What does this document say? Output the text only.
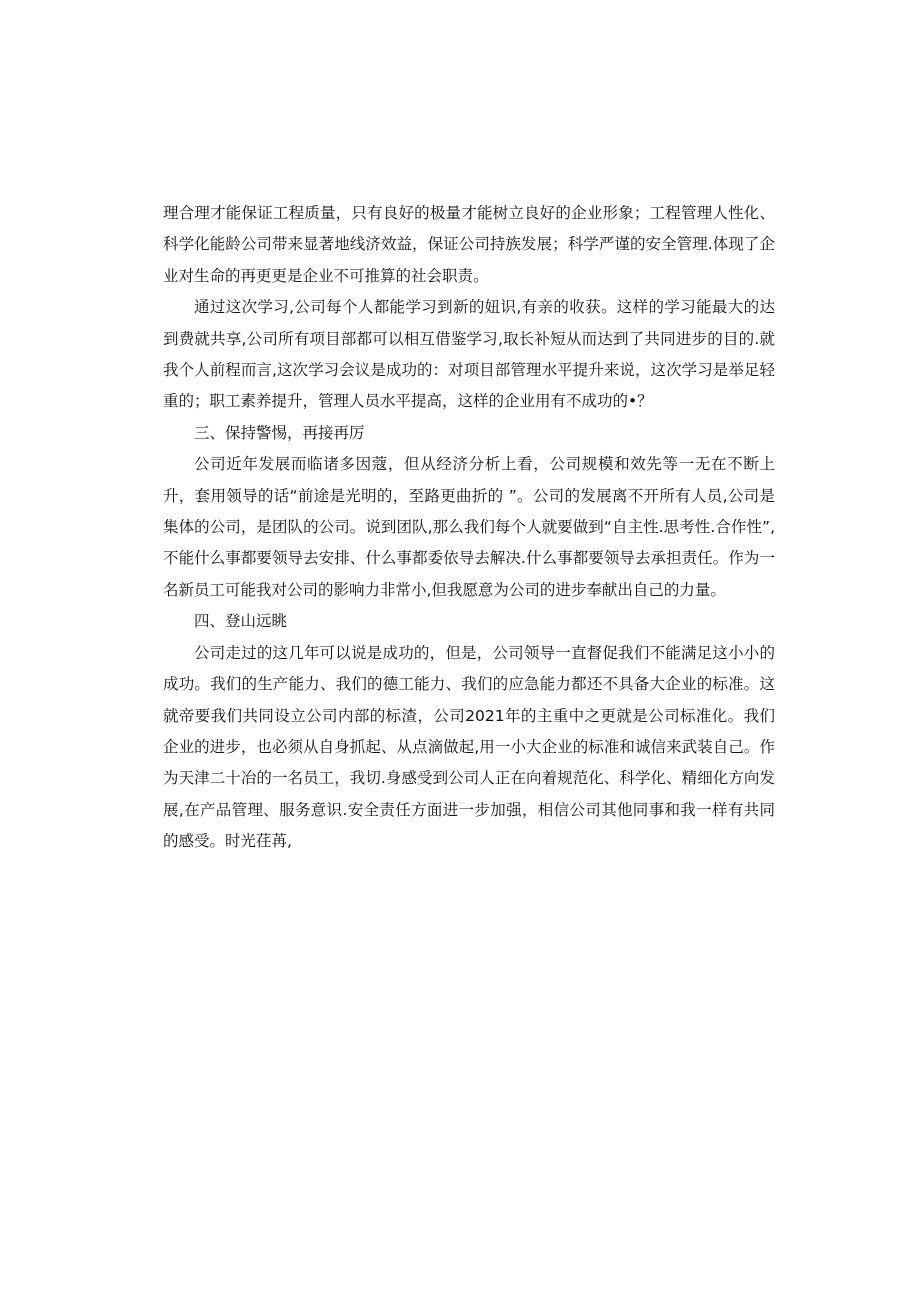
理合理才能保证工程质量，只有良好的极量才能树立良好的企业形象；工程管理人性化、科学化能龄公司带来显著地线济效益，保证公司持族发展；科学严谨的安全管理.体现了企业对生命的再更更是企业不可推算的社会职责。

通过这次学习,公司每个人都能学习到新的妞识,有亲的收获。这样的学习能最大的达到费就共享,公司所有项目部都可以相互借鉴学习,取长补短从而达到了共同进步的目的.就我个人前程而言,这次学习会议是成功的：对项目部管理水平提升来说，这次学习是举足轻重的；职工素养提升，管理人员水平提高，这样的企业用有不成功的•？

三、保持警惕，再接再厉

公司近年发展而临诸多因蔻，但从经济分析上看，公司规模和效先等一无在不断上升，套用领导的话“前途是光明的，至路更曲折的 ”。公司的发展离不开所有人员,公司是集体的公司，是团队的公司。说到团队,那么我们每个人就要做到“自主性.思考性.合作性”,不能什么事都要领导去安排、什么事都委依导去解决.什么事都要领导去承担责任。作为一名新员工可能我对公司的影响力非常小,但我愿意为公司的进步奉献出自己的力量。

四、登山远眺

公司走过的这几年可以说是成功的，但是，公司领导一直督促我们不能满足这小小的成功。我们的生产能力、我们的德工能力、我们的应急能力都还不具备大企业的标准。这就帝要我们共同设立公司内部的标渣，公司2021年的主重中之更就是公司标准化。我们企业的进步，也必须从自身抓起、从点滴做起,用一小大企业的标准和诚信来武装自己。作为天津二十冶的一名员工，我切.身感受到公司人正在向着规范化、科学化、精细化方向发展,在产品管理、服务意识.安全责任方面进一步加强，相信公司其他同事和我一样有共同的感受。时光荏苒,
